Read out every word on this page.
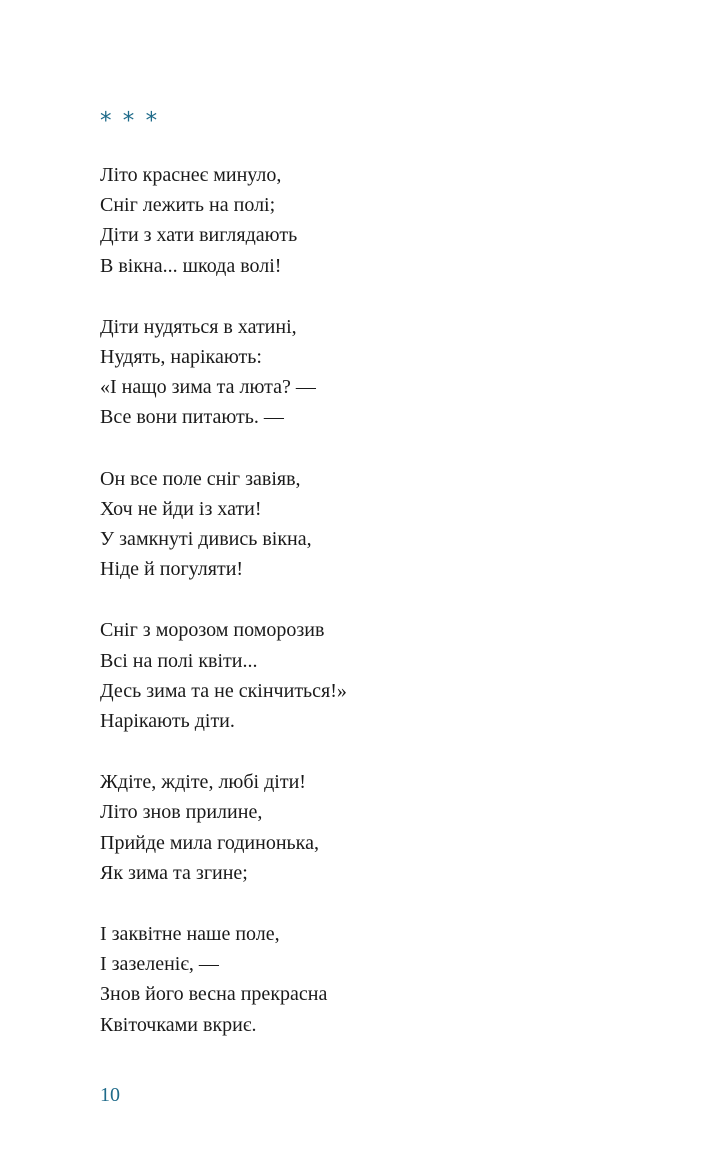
* * *
Літо краснеє минуло,
Сніг лежить на полі;
Діти з хати виглядають
В вікна... шкода волі!
Діти нудяться в хатині,
Нудять, нарікають:
«І нащо зима та люта? —
Все вони питають. —
Он все поле сніг завіяв,
Хоч не йди із хати!
У замкнуті дивись вікна,
Ніде й погуляти!
Сніг з морозом поморозив
Всі на полі квіти...
Десь зима та не скінчиться!»
Нарікають діти.
Ждіте, ждіте, любі діти!
Літо знов прилине,
Прийде мила годинонька,
Як зима та згине;
І заквітне наше поле,
І зазеленіє, —
Знов його весна прекрасна
Квіточками вкриє.
10
